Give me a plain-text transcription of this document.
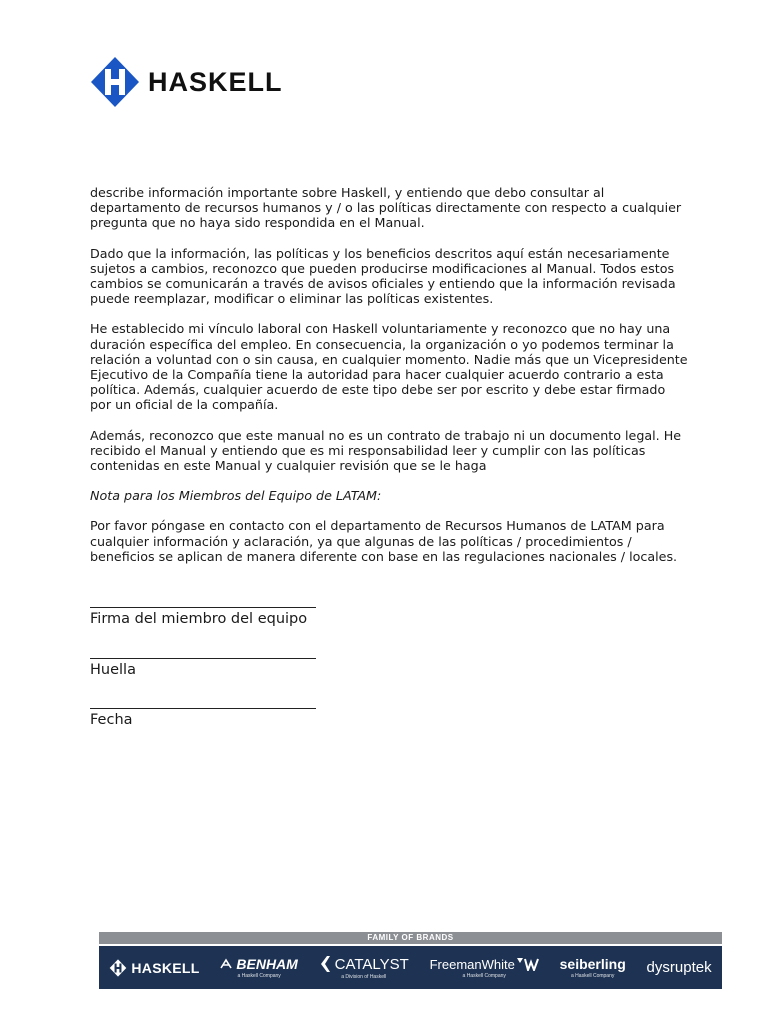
HASKELL

describe información importante sobre Haskell, y entiendo que debo consultar al departamento de recursos humanos y / o las políticas directamente con respecto a cualquier pregunta que no haya sido respondida en el Manual.

Dado que la información, las políticas y los beneficios descritos aquí están necesariamente sujetos a cambios, reconozco que pueden producirse modificaciones al Manual. Todos estos cambios se comunicarán a través de avisos oficiales y entiendo que la información revisada puede reemplazar, modificar o eliminar las políticas existentes.

He establecido mi vínculo laboral con Haskell voluntariamente y reconozco que no hay una duración específica del empleo. En consecuencia, la organización o yo podemos terminar la relación a voluntad con o sin causa, en cualquier momento. Nadie más que un Vicepresidente Ejecutivo de la Compañía tiene la autoridad para hacer cualquier acuerdo contrario a esta política. Además, cualquier acuerdo de este tipo debe ser por escrito y debe estar firmado por un oficial de la compañía.

Además, reconozco que este manual no es un contrato de trabajo ni un documento legal. He recibido el Manual y entiendo que es mi responsabilidad leer y cumplir con las políticas contenidas en este Manual y cualquier revisión que se le haga

Nota para los Miembros del Equipo de LATAM:

Por favor póngase en contacto con el departamento de Recursos Humanos de LATAM para cualquier información y aclaración, ya que algunas de las políticas / procedimientos / beneficios se aplican de manera diferente con base en las regulaciones nacionales / locales.

Firma del miembro del equipo
Huella
Fecha
FAMILY OF BRANDS
HASKELL	BENHAM
a Haskell Company
CATALYST
a Division of Haskell
FreemanWhite
a Haskell Company
seiberling
a Haskell Company dysruptek
